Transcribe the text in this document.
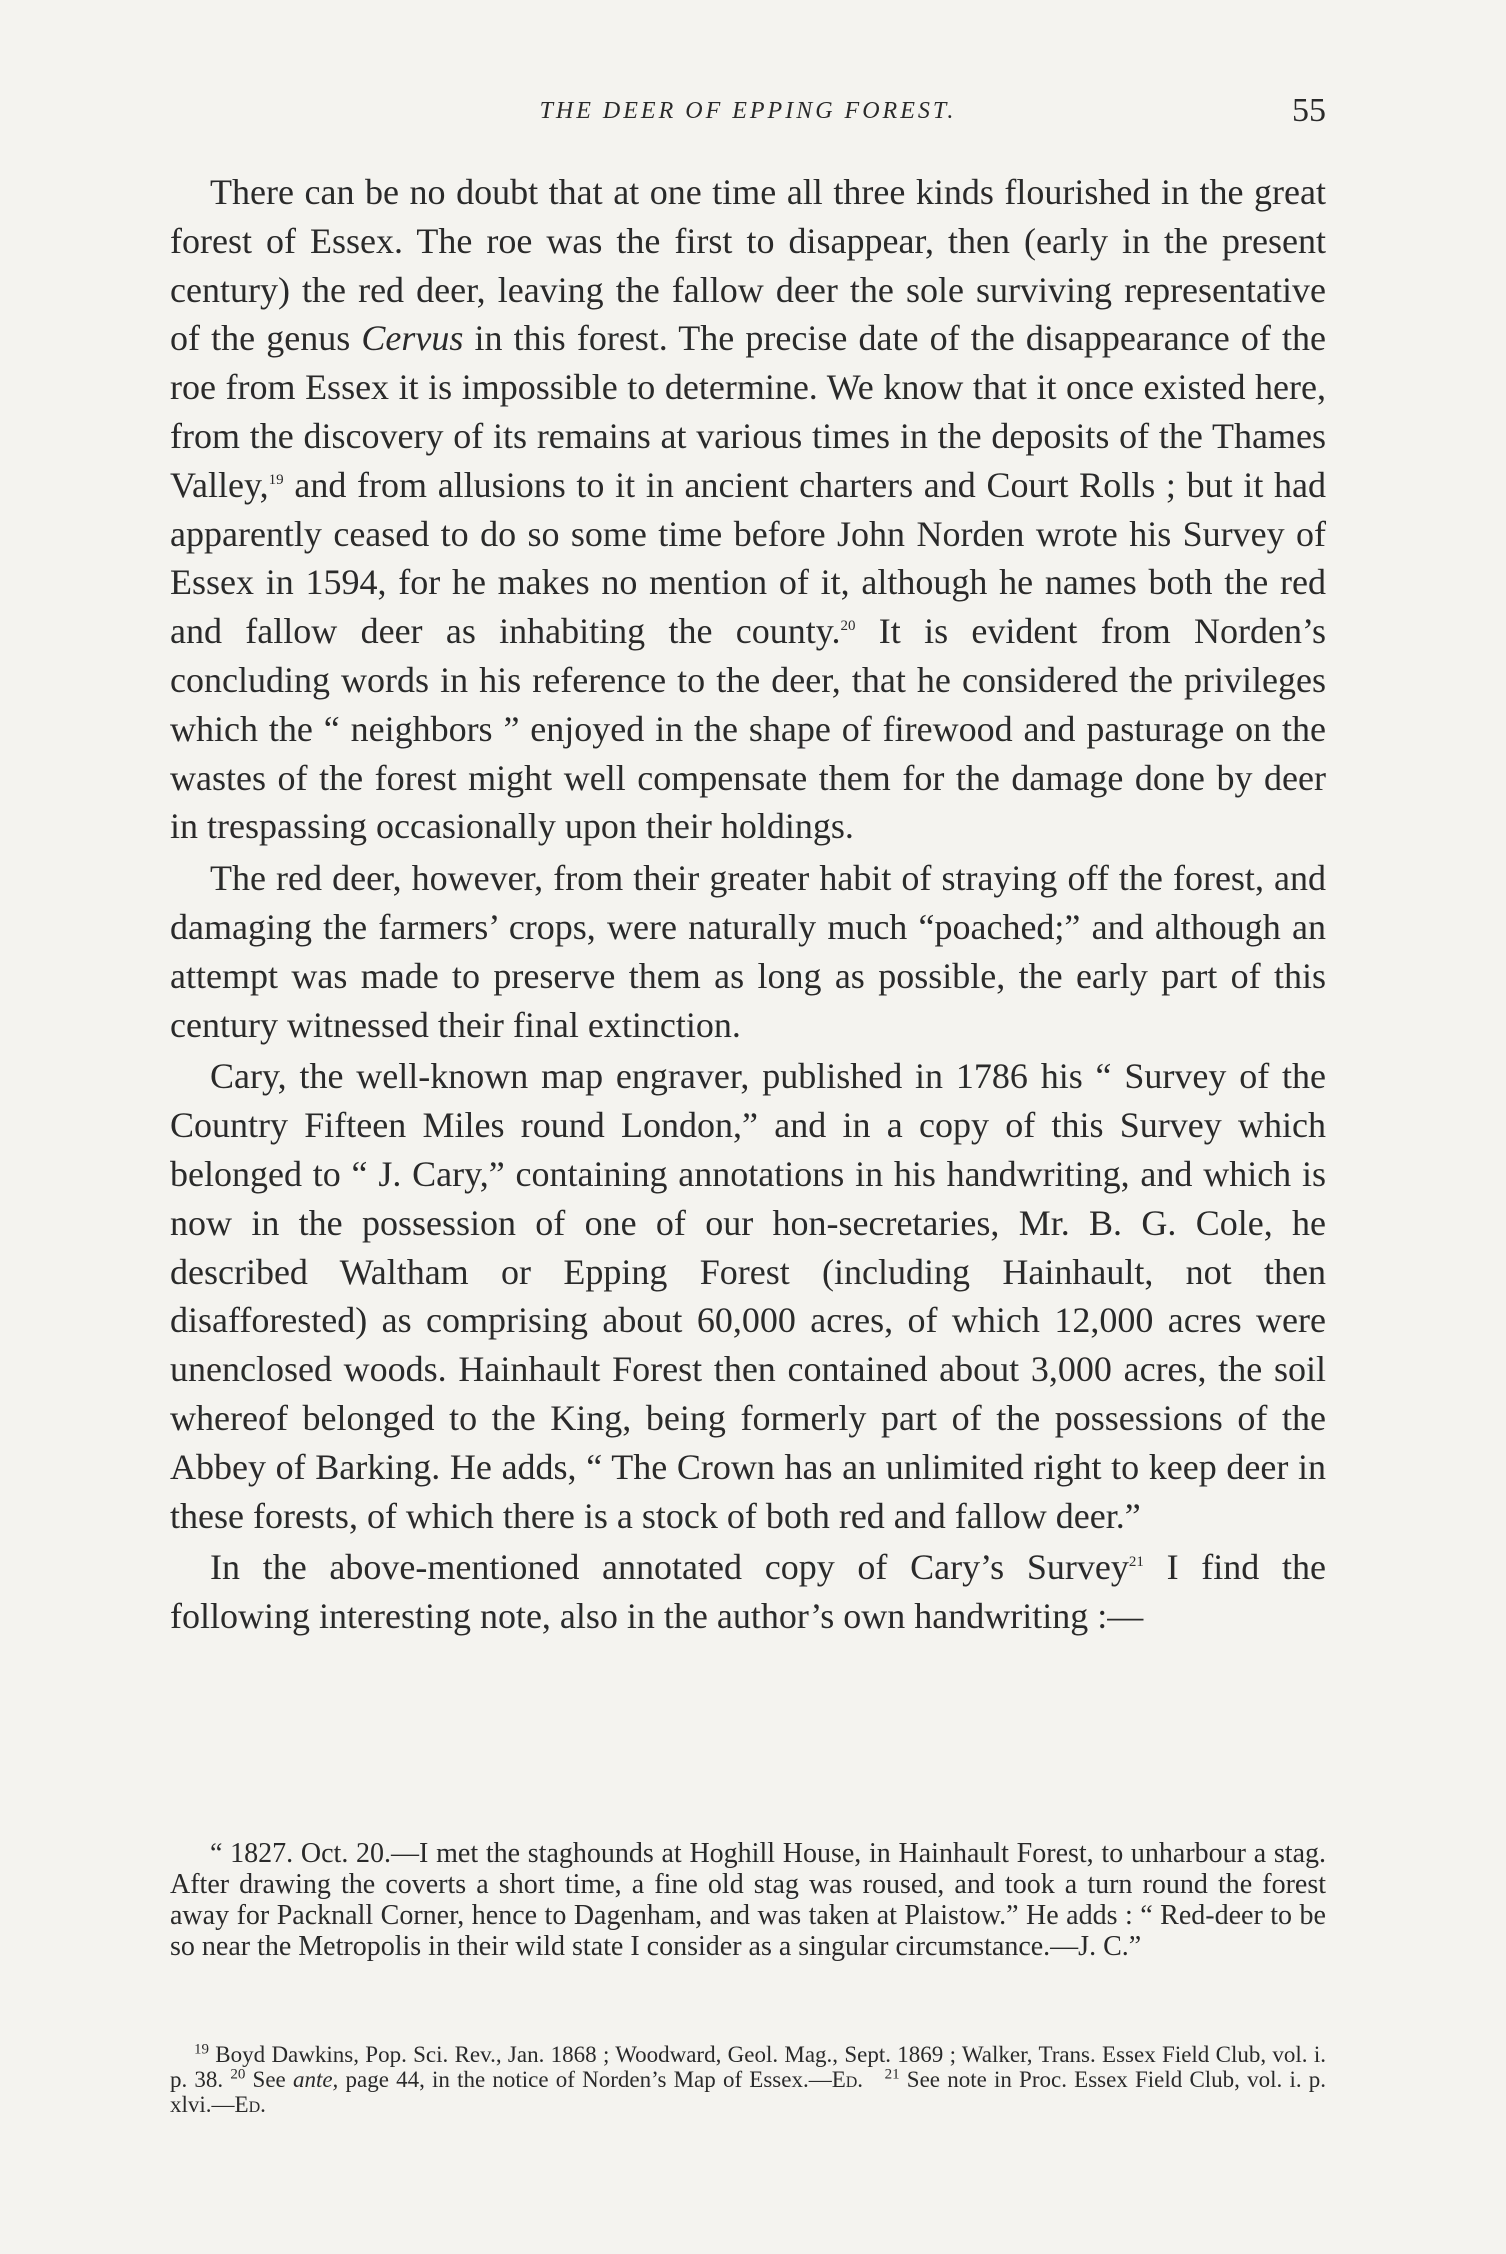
THE DEER OF EPPING FOREST.	55

There can be no doubt that at one time all three kinds flourished in the great forest of Essex. The roe was the first to disappear, then (early in the present century) the red deer, leaving the fallow deer the sole surviving representative of the genus Cervus in this forest. The precise date of the disappearance of the roe from Essex it is impossible to determine. We know that it once existed here, from the discovery of its remains at various times in the deposits of the Thames Valley,$^{19}$ and from allusions to it in ancient charters and Court Rolls ; but it had apparently ceased to do so some time before John Norden wrote his Survey of Essex in 1594, for he makes no mention of it, although he names both the red and fallow deer as inhabiting the county.$^{20}$ It is evident from Norden’s concluding words in his reference to the deer, that he considered the privileges which the “ neighbors ” enjoyed in the shape of firewood and pasturage on the wastes of the forest might well compensate them for the damage done by deer in trespassing occasionally upon their holdings.

The red deer, however, from their greater habit of straying off the forest, and damaging the farmers’ crops, were naturally much “poached;” and although an attempt was made to preserve them as long as possible, the early part of this century witnessed their final extinction.

Cary, the well-known map engraver, published in 1786 his “ Survey of the Country Fifteen Miles round London,” and in a copy of this Survey which belonged to “ J. Cary,” containing annotations in his handwriting, and which is now in the possession of one of our hon-secretaries, Mr. B. G. Cole, he described Waltham or Epping Forest (including Hainhault, not then disafforested) as comprising about 60,000 acres, of which 12,000 acres were unenclosed woods. Hainhault Forest then contained about 3,000 acres, the soil whereof belonged to the King, being formerly part of the possessions of the Abbey of Barking. He adds, “ The Crown has an unlimited right to keep deer in these forests, of which there is a stock of both red and fallow deer.”

In the above-mentioned annotated copy of Cary’s Survey$^{21}$ I find the following interesting note, also in the author’s own handwriting :—

“ 1827. Oct. 20.—I met the staghounds at Hoghill House, in Hainhault Forest, to unharbour a stag. After drawing the coverts a short time, a fine old stag was roused, and took a turn round the forest away for Packnall Corner, hence to Dagenham, and was taken at Plaistow.” He adds : “ Red-deer to be so near the Metropolis in their wild state I consider as a singular circumstance.—J. C.”
$^{19}$ Boyd Dawkins, Pop. Sci. Rev., Jan. 1868 ; Woodward, Geol. Mag., Sept. 1869 ; Walker, Trans. Essex Field Club, vol. i. p. 38. $^{20}$ See ante, page 44, in the notice of Norden’s Map of Essex.—Ed. $^{21}$ See note in Proc. Essex Field Club, vol. i. p. xlvi.—Ed.
